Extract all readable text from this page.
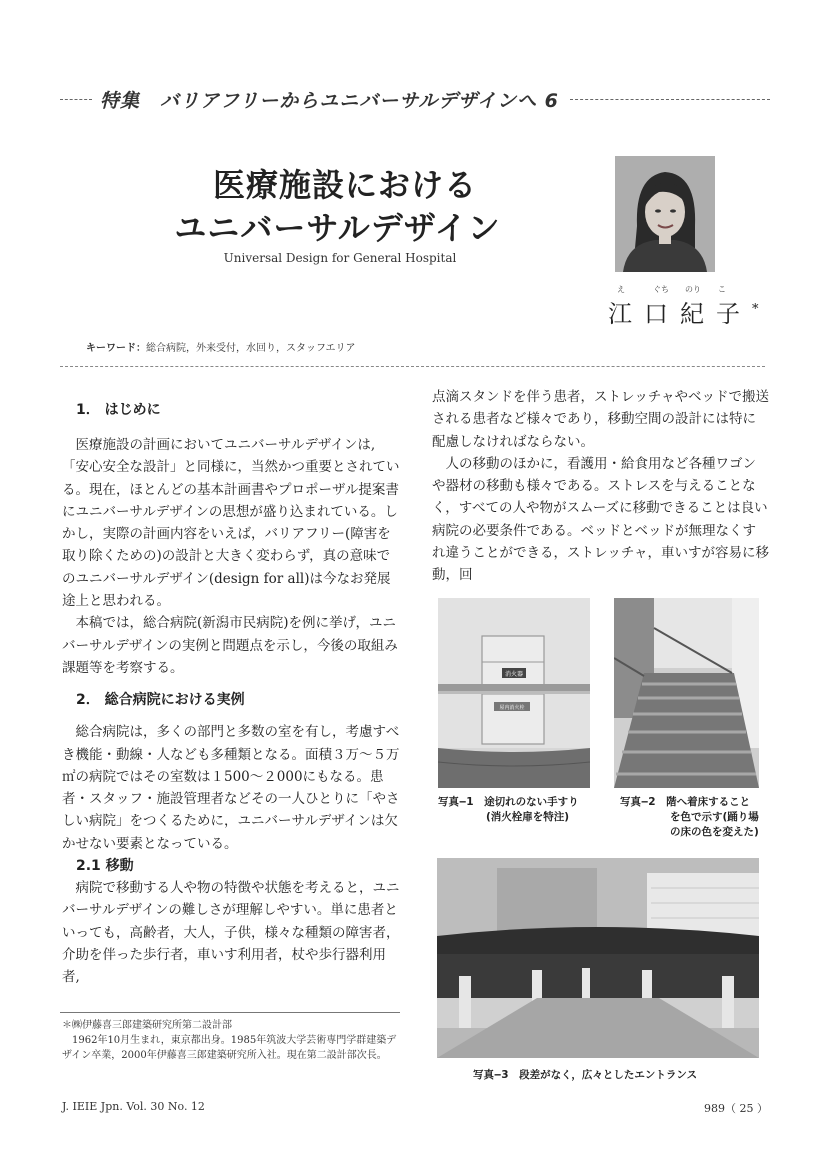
特集　バリアフリーからユニバーサルデザインへ 6
医療施設における
ユニバーサルデザイン
Universal Design for General Hospital
え	ぐち のり こ
江口紀子*
キーワード：総合病院，外来受付，水回り，スタッフエリア
1． はじめに

医療施設の計画においてユニバーサルデザインは,「安心安全な設計」と同様に，当然かつ重要とされている。現在，ほとんどの基本計画書やプロポーザル提案書にユニバーサルデザインの思想が盛り込まれている。しかし，実際の計画内容をいえば，バリアフリー(障害を取り除くための)の設計と大きく変わらず，真の意味でのユニバーサルデザイン(design for all)は今なお発展途上と思われる。

本稿では，総合病院(新潟市民病院)を例に挙げ，ユニバーサルデザインの実例と問題点を示し，今後の取組み課題等を考察する。

2． 総合病院における実例

総合病院は，多くの部門と多数の室を有し，考慮すべき機能・動線・人なども多種類となる。面積３万～５万㎡の病院ではその室数は１500～２000にもなる。患者・スタッフ・施設管理者などその一人ひとりに「やさしい病院」をつくるために，ユニバーサルデザインは欠かせない要素となっている。

2.1 移動

病院で移動する人や物の特徴や状態を考えると，ユニバーサルデザインの難しさが理解しやすい。単に患者といっても，高齢者，大人，子供，様々な種類の障害者，介助を伴った歩行者，車いす利用者，杖や歩行器利用者,

点滴スタンドを伴う患者，ストレッチャやベッドで搬送される患者など様々であり，移動空間の設計には特に配慮しなければならない。

人の移動のほかに，看護用・給食用など各種ワゴンや器材の移動も様々である。ストレスを与えることなく，すべての人や物がスムーズに移動できることは良い病院の必要条件である。ベッドとベッドが無理なくすれ違うことができる，ストレッチャ，車いすが容易に移動，回

消火器
屋内消火栓
写真‒1　途切れのない手すり
(消火栓扉を特注)
写真‒2　階へ着床すること
を色で示す(踊り場
の床の色を変えた)
写真‒3　段差がなく，広々としたエントランス
＊㈱伊藤喜三郎建築研究所第二設計部
1962年10月生まれ，東京都出身。1985年筑波大学芸術専門学群建築デザイン卒業，2000年伊藤喜三郎建築研究所入社。現在第二設計部次長。
J. IEIE Jpn. Vol. 30 No. 12	989（ 25 ）
